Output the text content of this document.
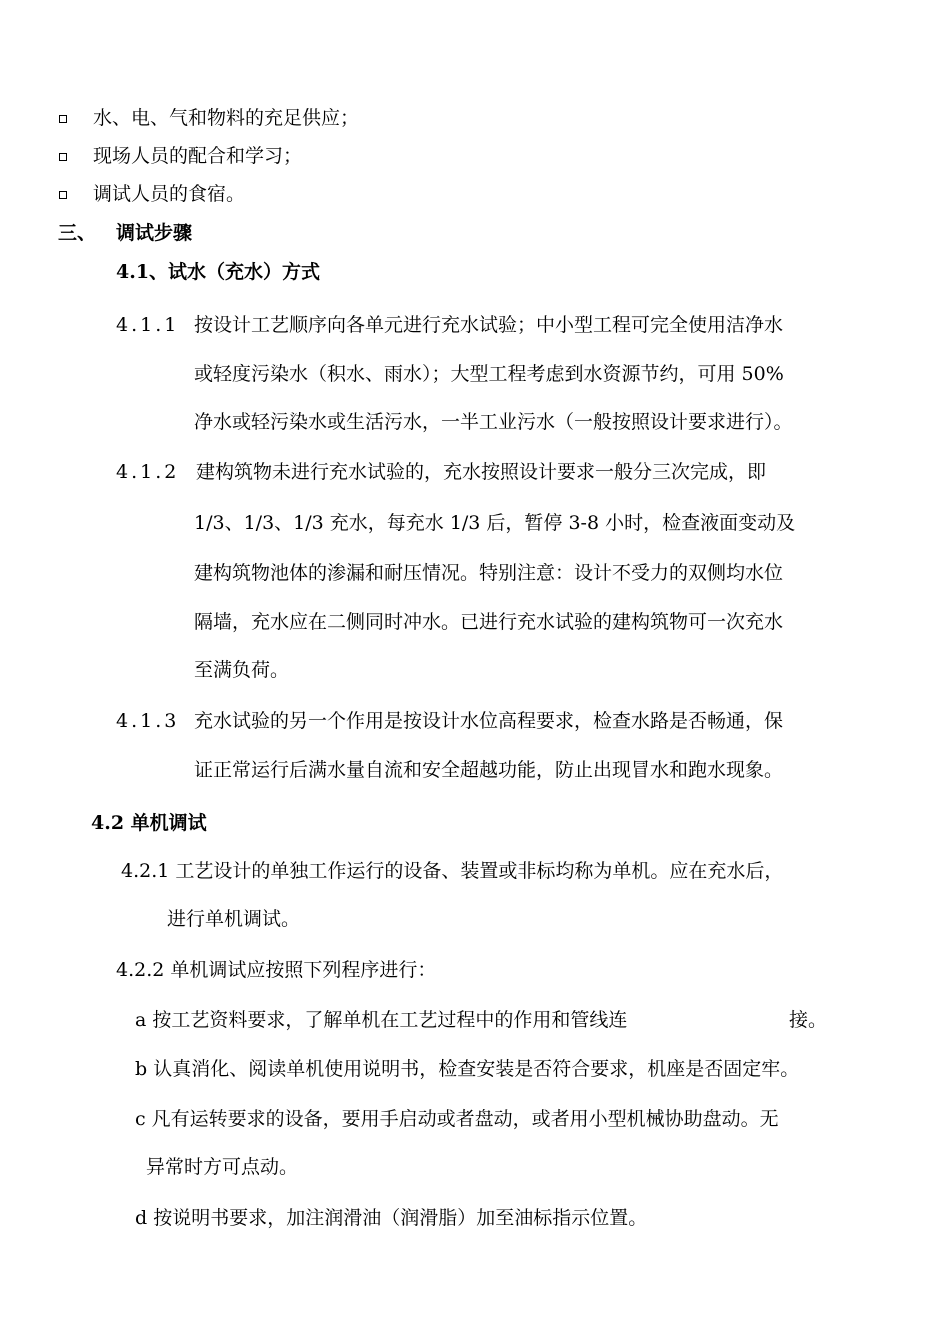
水、电、气和物料的充足供应；
现场人员的配合和学习；
调试人员的食宿。
三、 调试步骤
4.1、试水（充水）方式
4.1.1 按设计工艺顺序向各单元进行充水试验；中小型工程可完全使用洁净水
或轻度污染水（积水、雨水）；大型工程考虑到水资源节约，可用 50%
净水或轻污染水或生活污水，一半工业污水（一般按照设计要求进行）。
4.1.2 建构筑物未进行充水试验的，充水按照设计要求一般分三次完成，即
1/3、1/3、1/3 充水，每充水 1/3 后，暂停 3-8 小时，检查液面变动及
建构筑物池体的渗漏和耐压情况。特别注意：设计不受力的双侧均水位
隔墙，充水应在二侧同时冲水。已进行充水试验的建构筑物可一次充水
至满负荷。
4.1.3 充水试验的另一个作用是按设计水位高程要求，检查水路是否畅通，保
证正常运行后满水量自流和安全超越功能，防止出现冒水和跑水现象。
4.2 单机调试
4.2.1 工艺设计的单独工作运行的设备、装置或非标均称为单机。应在充水后，
进行单机调试。
4.2.2 单机调试应按照下列程序进行：
a 按工艺资料要求，了解单机在工艺过程中的作用和管线连	接。
b 认真消化、阅读单机使用说明书，检查安装是否符合要求，机座是否固定牢。
c 凡有运转要求的设备，要用手启动或者盘动，或者用小型机械协助盘动。无
异常时方可点动。
d 按说明书要求，加注润滑油（润滑脂）加至油标指示位置。
